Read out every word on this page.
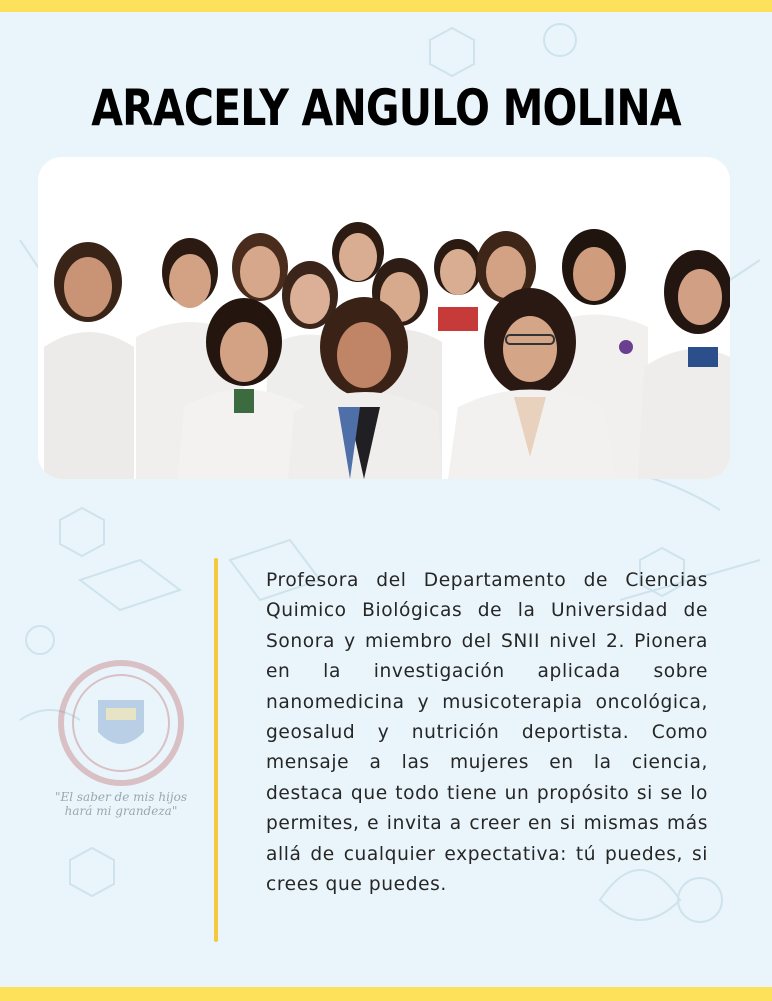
ARACELY ANGULO MOLINA
"El saber de mis hijos hará mi grandeza"
Profesora del Departamento de Ciencias Quimico Biológicas de la Universidad de Sonora y miembro del SNII nivel 2. Pionera en la investigación aplicada sobre nanomedicina y musicoterapia oncológica, geosalud y nutrición deportista. Como mensaje a las mujeres en la ciencia, destaca que todo tiene un propósito si se lo permites, e invita a creer en si mismas más allá de cualquier expectativa: tú puedes, si crees que puedes.
